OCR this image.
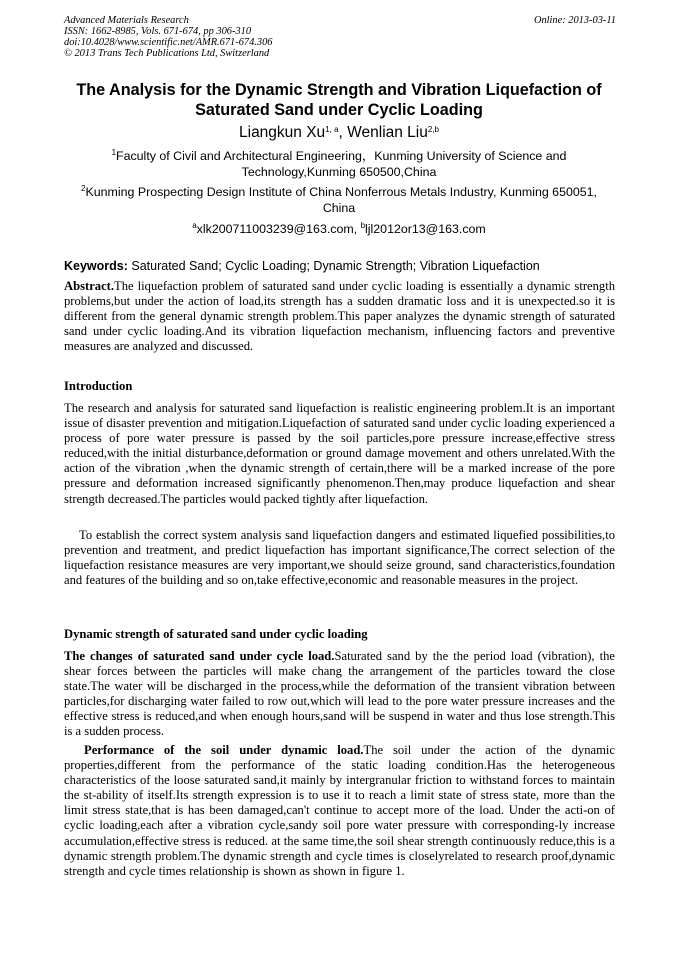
Advanced Materials Research
ISSN: 1662-8985, Vols. 671-674, pp 306-310
doi:10.4028/www.scientific.net/AMR.671-674.306
© 2013 Trans Tech Publications Ltd, Switzerland
Online: 2013-03-11
The Analysis for the Dynamic Strength and Vibration Liquefaction of Saturated Sand under Cyclic Loading
Liangkun Xu$^{1, a}$, Wenlian Liu$^{2,b}$
$^1$Faculty of Civil and Architectural Engineering，Kunming University of Science and Technology,Kunming 650500,China
$^2$Kunming Prospecting Design Institute of China Nonferrous Metals Industry, Kunming 650051, China
$^a$xlk200711003239@163.com, $^b$ljl2012or13@163.com
Keywords: Saturated Sand; Cyclic Loading; Dynamic Strength; Vibration Liquefaction
Abstract.The liquefaction problem of saturated sand under cyclic loading is essentially a dynamic strength problems,but under the action of load,its strength has a sudden dramatic loss and it is unexpected.so it is different from the general dynamic strength problem.This paper analyzes the dynamic strength of saturated sand under cyclic loading.And its vibration liquefaction mechanism, influencing factors and preventive measures are analyzed and discussed.
Introduction
The research and analysis for saturated sand liquefaction is realistic engineering problem.It is an important issue of disaster prevention and mitigation.Liquefaction of saturated sand under cyclic loading experienced a process of pore water pressure is passed by the soil particles,pore pressure increase,effective stress reduced,with the initial disturbance,deformation or ground damage movement and others unrelated.With the action of the vibration ,when the dynamic strength of certain,there will be a marked increase of the pore pressure and deformation increased significantly phenomenon.Then,may produce liquefaction and shear strength decreased.The particles would packed tightly after liquefaction.
To establish the correct system analysis sand liquefaction dangers and estimated liquefied possibilities,to prevention and treatment, and predict liquefaction has important significance,The correct selection of the liquefaction resistance measures are very important,we should seize ground, sand characteristics,foundation and features of the building and so on,take effective,economic and reasonable measures in the project.
Dynamic strength of saturated sand under cyclic loading
The changes of saturated sand under cycle load.Saturated sand by the the period load (vibration), the shear forces between the particles will make chang the arrangement of the particles toward the close state.The water will be discharged in the process,while the deformation of the transient vibration between particles,for discharging water failed to row out,which will lead to the pore water pressure increases and the effective stress is reduced,and when enough hours,sand will be suspend in water and thus lose strength.This is a sudden process.
Performance of the soil under dynamic load.The soil under the action of the dynamic properties,different from the performance of the static loading condition.Has the heterogeneous characteristics of the loose saturated sand,it mainly by intergranular friction to withstand forces to maintain the st-ability of itself.Its strength expression is to use it to reach a limit state of stress state, more than the limit stress state,that is has been damaged,can't continue to accept more of the load. Under the acti-on of cyclic loading,each after a vibration cycle,sandy soil pore water pressure with corresponding-ly increase accumulation,effective stress is reduced. at the same time,the soil shear strength continuously reduce,this is a dynamic strength problem.The dynamic strength and cycle times is closelyrelated to research proof,dynamic strength and cycle times relationship is shown as shown in figure 1.
